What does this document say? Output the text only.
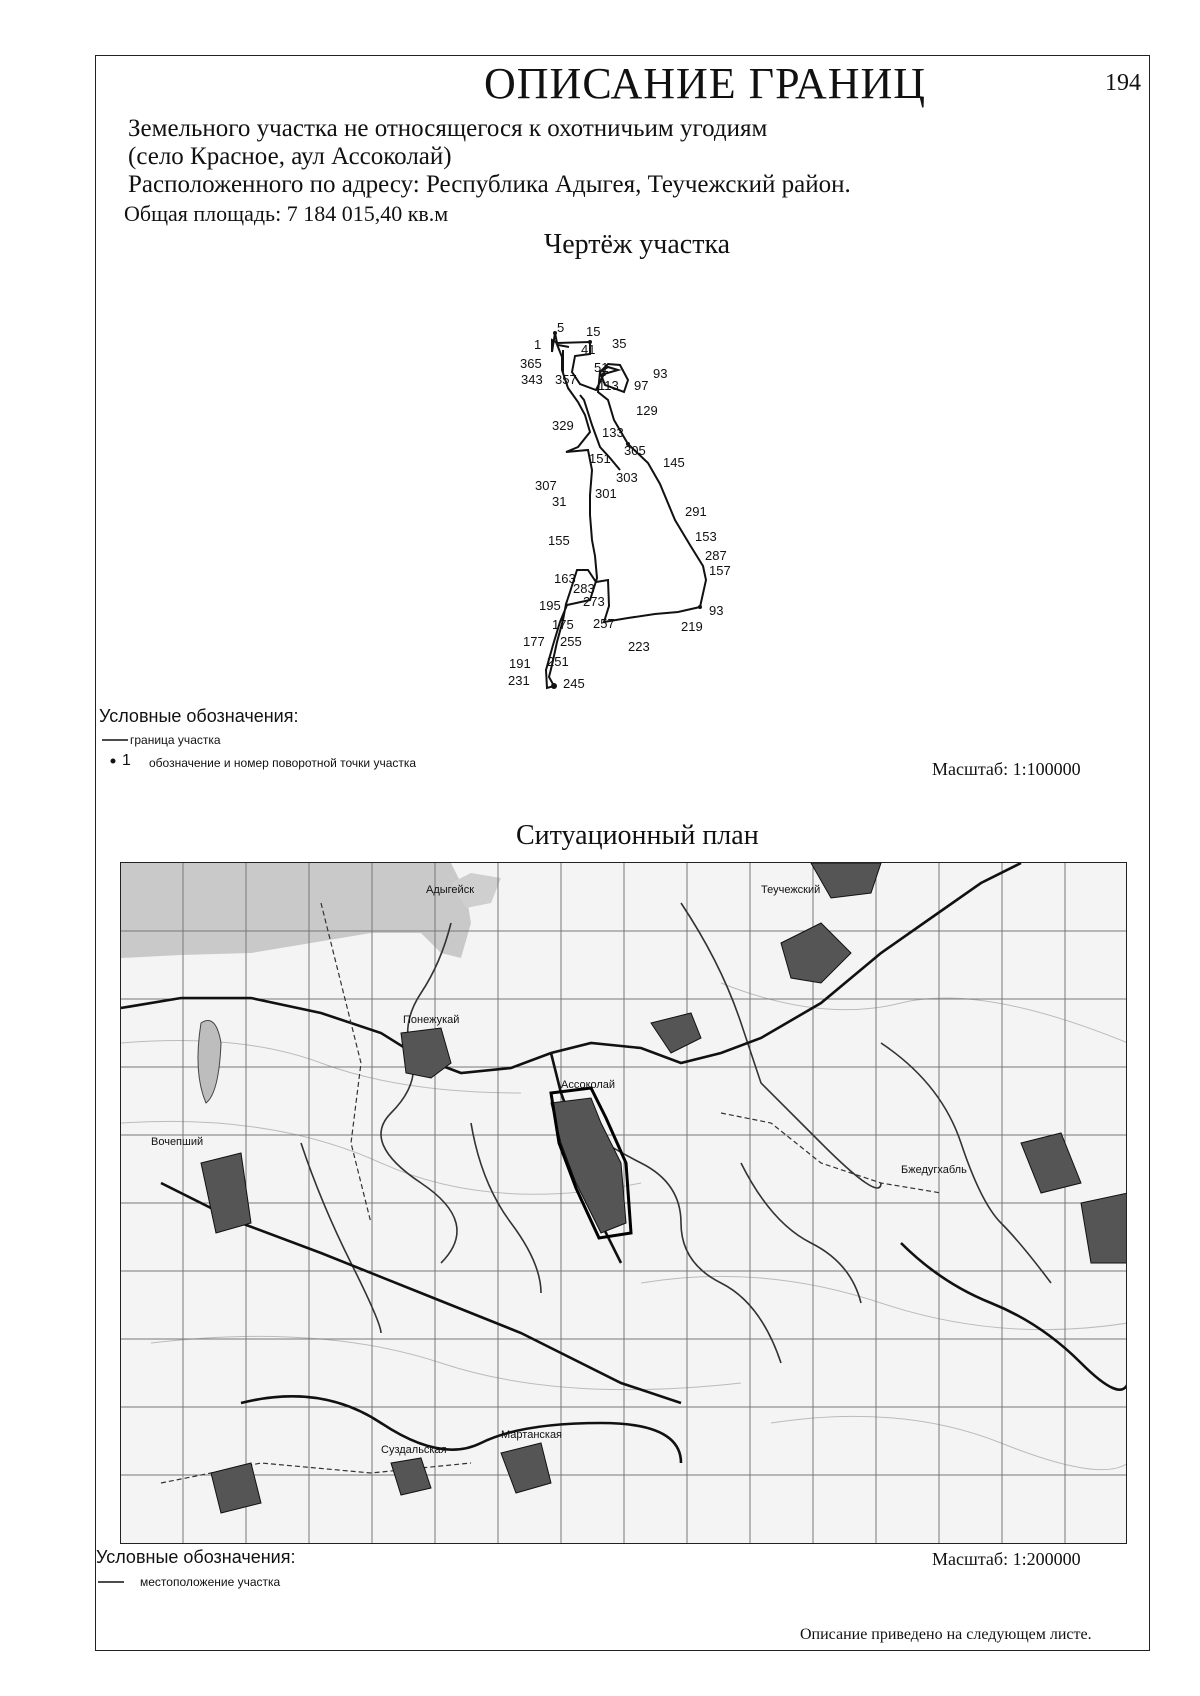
ОПИСАНИЕ ГРАНИЦ	194
Земельного участка не относящегося к охотничьим угодиям
(село Красное, аул Ассоколай)
Расположенного по адресу: Республика Адыгея, Теучежский район.
Общая площадь: 7 184 015,40 кв.м
Чертёж участка
5 15
1	41 35
365	51	93
343 357 113 97
129
329 133
305
145
151
303
307
301
31
291
153
155
287
157
163
283
195 273
93
175 257	219
177 255	223
191 251
231	245
Условные обозначения:
граница участка
1 обозначение и номер поворотной точки участка	Масштаб: 1:100000
Ситуационный план
Адыгейск	Теучежский
Вочепший
Понежукай
Ассоколай
Суздальская
Мартанская
Бжедугхабль
Условные обозначения:	Масштаб: 1:200000
местоположение участка
Описание приведено на следующем листе.
